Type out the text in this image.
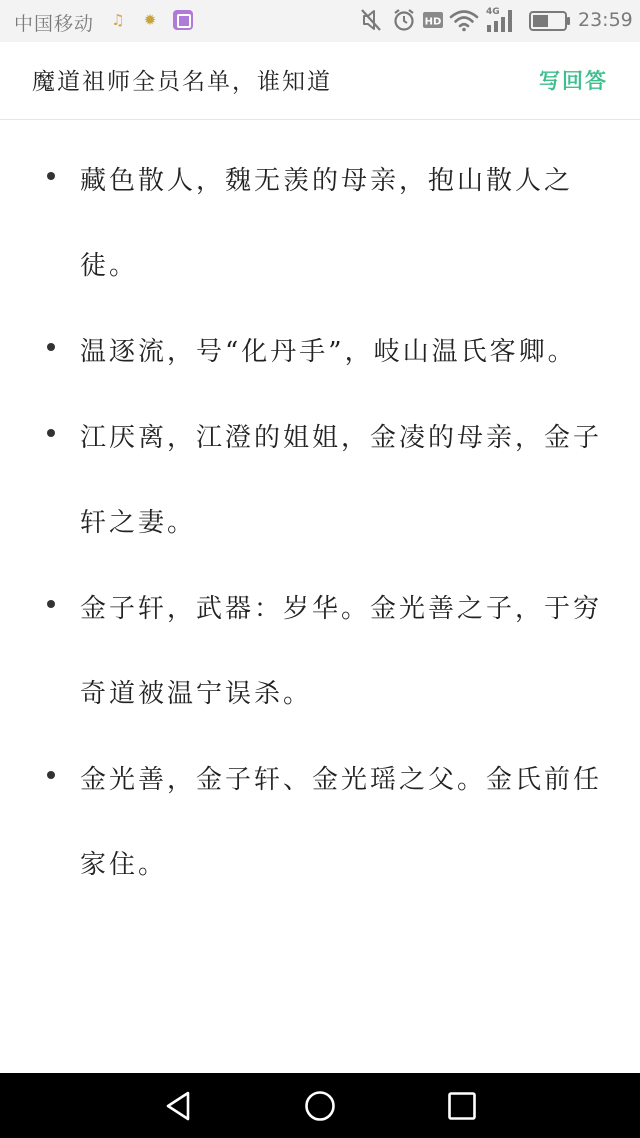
中国移动 ♫ ✹	HD
4G	23:59
魔道祖师全员名单，谁知道	写回答
藏色散人，魏无羡的母亲，抱山散人之徒。
温逐流，号“化丹手”，岐山温氏客卿。
江厌离，江澄的姐姐，金凌的母亲，金子轩之妻。
金子轩，武器：岁华。金光善之子，于穷奇道被温宁误杀。
金光善，金子轩、金光瑶之父。金氏前任家住。
